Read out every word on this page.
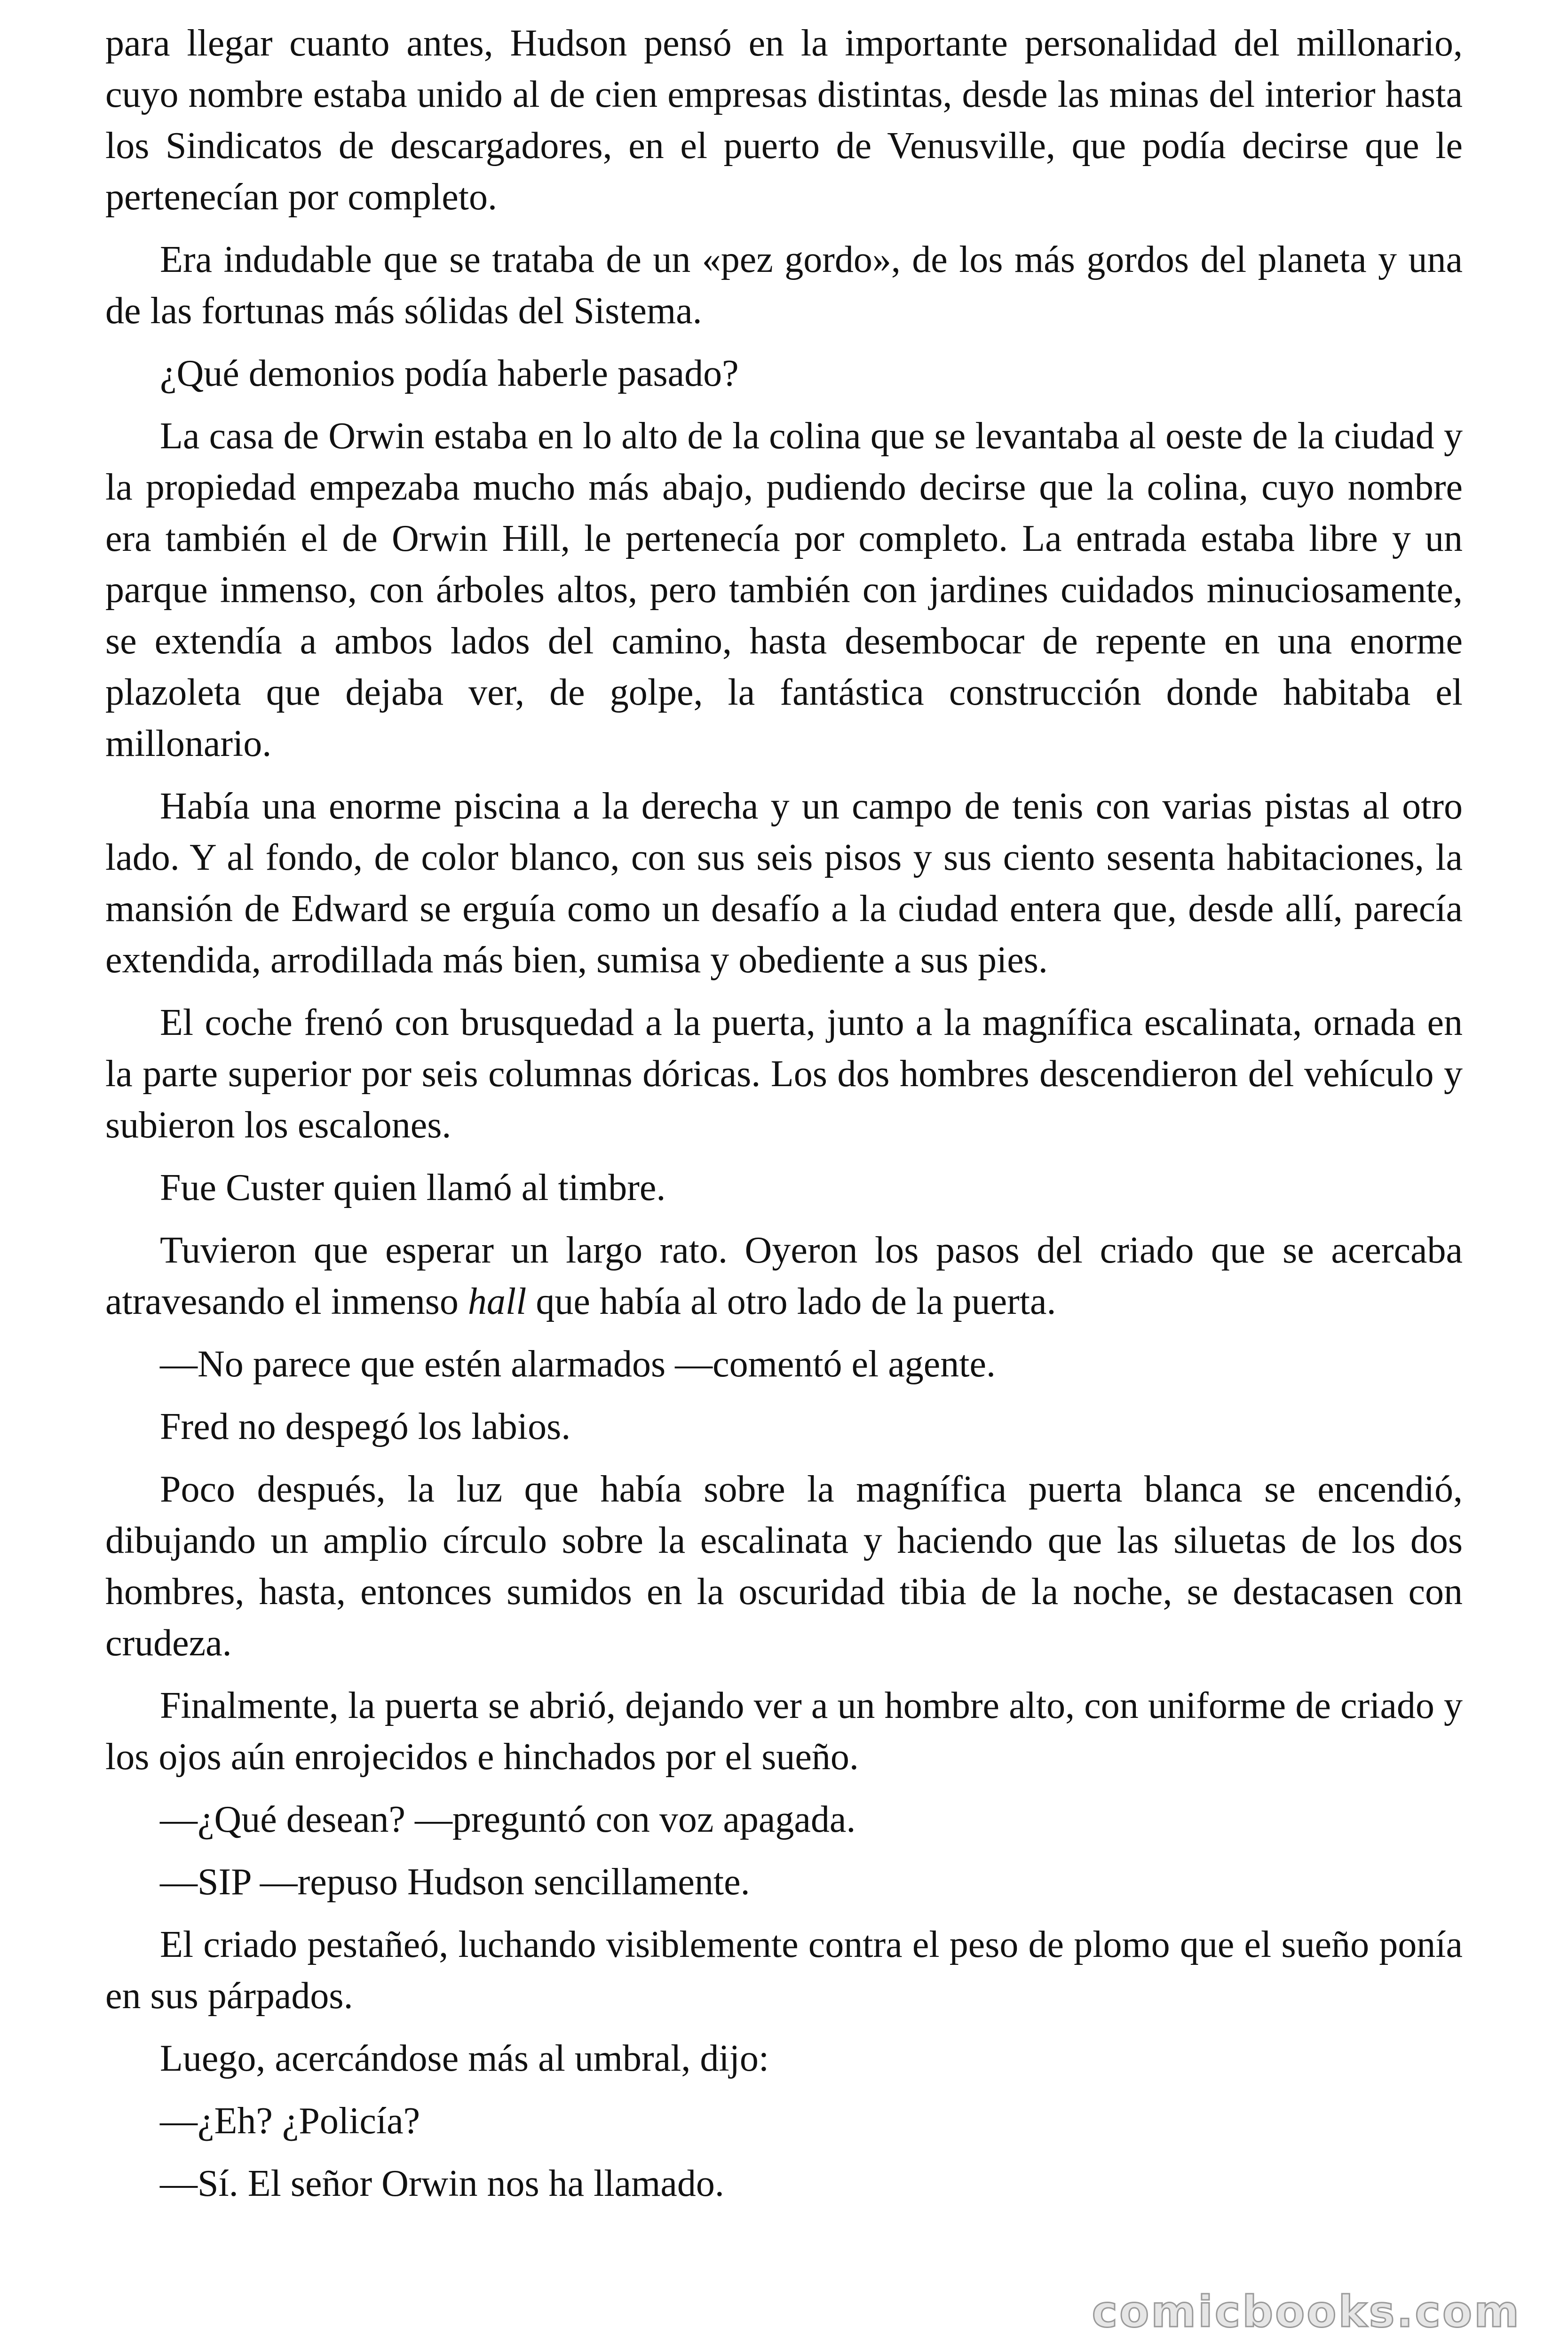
para llegar cuanto antes, Hudson pensó en la importante personalidad del millonario, cuyo nombre estaba unido al de cien empresas distintas, desde las minas del interior hasta los Sindicatos de descargadores, en el puerto de Venusville, que podía decirse que le pertenecían por completo.

Era indudable que se trataba de un «pez gordo», de los más gordos del planeta y una de las fortunas más sólidas del Sistema.

¿Qué demonios podía haberle pasado?

La casa de Orwin estaba en lo alto de la colina que se levantaba al oeste de la ciudad y la propiedad empezaba mucho más abajo, pudiendo decirse que la colina, cuyo nombre era también el de Orwin Hill, le pertenecía por completo. La entrada estaba libre y un parque inmenso, con árboles altos, pero también con jardines cuidados minuciosamente, se extendía a ambos lados del camino, hasta desembocar de repente en una enorme plazoleta que dejaba ver, de golpe, la fantástica construcción donde habitaba el millonario.

Había una enorme piscina a la derecha y un campo de tenis con varias pistas al otro lado. Y al fondo, de color blanco, con sus seis pisos y sus ciento sesenta habitaciones, la mansión de Edward se erguía como un desafío a la ciudad entera que, desde allí, parecía extendida, arrodillada más bien, sumisa y obediente a sus pies.

El coche frenó con brusquedad a la puerta, junto a la magnífica escalinata, ornada en la parte superior por seis columnas dóricas. Los dos hombres descendieron del vehículo y subieron los escalones.

Fue Custer quien llamó al timbre.

Tuvieron que esperar un largo rato. Oyeron los pasos del criado que se acercaba atravesando el inmenso hall que había al otro lado de la puerta.

—No parece que estén alarmados —comentó el agente.

Fred no despegó los labios.

Poco después, la luz que había sobre la magnífica puerta blanca se encendió, dibujando un amplio círculo sobre la escalinata y haciendo que las siluetas de los dos hombres, hasta, entonces sumidos en la oscuridad tibia de la noche, se destacasen con crudeza.

Finalmente, la puerta se abrió, dejando ver a un hombre alto, con uniforme de criado y los ojos aún enrojecidos e hinchados por el sueño.

—¿Qué desean? —preguntó con voz apagada.

—SIP —repuso Hudson sencillamente.

El criado pestañeó, luchando visiblemente contra el peso de plomo que el sueño ponía en sus párpados.

Luego, acercándose más al umbral, dijo:

—¿Eh? ¿Policía?

—Sí. El señor Orwin nos ha llamado.

comicbooks.com
